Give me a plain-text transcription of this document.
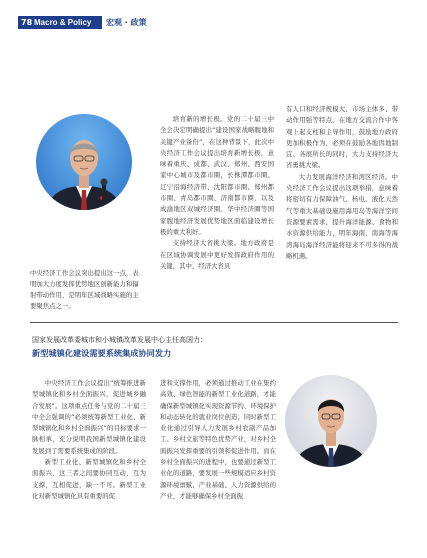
78 Macro & Policy 宏观 · 政策
中央经济工作会议突出提出这一点，表明加大力度发挥优势地区创新能力和辐射带动作用，是明年区域战略实施的主要聚焦点之一。

培育新的增长极。党的二十届三中全会决定明确提出“建设国家战略腹地和关键产业备份”，在这种背景下，此次中央经济工作会议提出培育新增长极，意味着重庆、成都、武汉、郑州、西安国家中心城市及都市圈，长株潭都市圈、辽宁沿海经济带、沈阳都市圈、郑州都市圈、青岛都市圈、济南都市圈，以及成渝地区双城经济圈、华中经济圈等国家腹地经济发展优势地区面临建设增长极的重大利好。

支持经济大省挑大梁。地方政府是在区域协调发展中更好发挥政府作用的关键，其中，经济大省具

有人口和经济规模大、市场主体多、带动作用强等特点。在地方交流合作中客观上起支柱和主导作用，鼓励地方政府更加积极作为，必须在鼓励各地因地制宜、各展所长的同时，大力支持经济大省勇挑大梁。

大力发展海洋经济和湾区经济。中央经济工作会议提出这项举措，意味着将密切有力保障油气、核电、液化天然气等重大基础设施用海用岛等海洋空间资源要素需求，提升海洋能源、食物和水资源供给能力，明年海南、南海等海湾海岛海洋经济能将迎来不可多得的战略机遇。

国家发展改革委城市和小城镇改革发展中心主任高国力：
新型城镇化建设需要系统集成协同发力

中央经济工作会议提出“统筹推进新型城镇化和乡村全面振兴，促进城乡融合发展”。这项重点任务与党的二十届三中全会强调的“必须统筹新型工业化、新型城镇化和乡村全面振兴”的目标要求一脉相承，充分说明我国新型城镇化建设发展到了需要系统集成的阶段。

新型工业化、新型城镇化和乡村全面振兴，这三者之间要协同互动，互为支撑，互相促进，缺一不可。新型工业化对新型城镇化具有重要的促

进和支撑作用，必须通过推动工业在集约高效、绿色智能的新型工业化道路，才能确保新型城镇化实现资源节约、环境保护和动态转化的就业岗位创造；同时新型工业化通过引导人力发展乡村农副产品加工、乡村文旅等特色优势产业，对乡村全面振兴发挥重要的引领和促进作用。而在乡村全面振兴的进程中，也要通过新型工业化的道路，要发展一些规模适应乡村资源环境禀赋、产业基础、人力资源供给的产业，才能够确保乡村全面振
